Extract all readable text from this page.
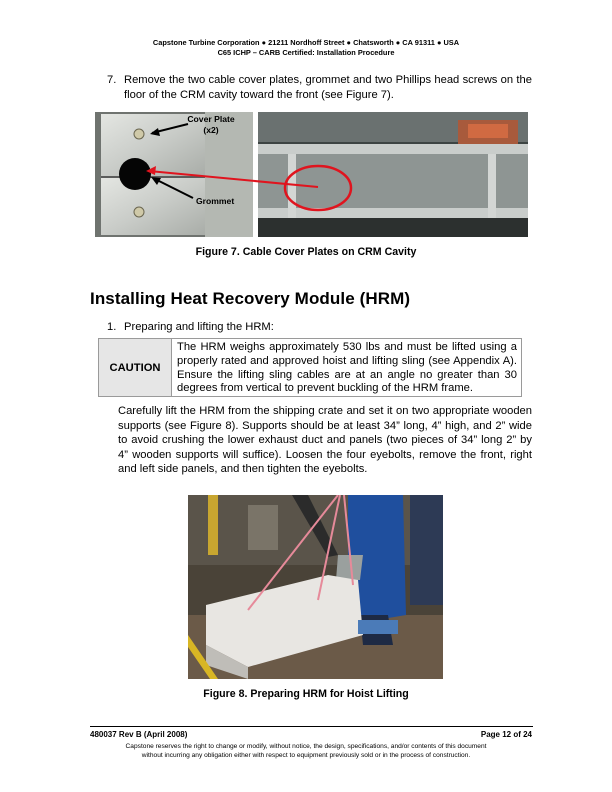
Capstone Turbine Corporation ● 21211 Nordhoff Street ● Chatsworth ● CA 91311 ● USA
C65 ICHP – CARB Certified: Installation Procedure
7. Remove the two cable cover plates, grommet and two Phillips head screws on the floor of the CRM cavity toward the front (see Figure 7).
Cover Plate
(x2)
Grommet
Figure 7. Cable Cover Plates on CRM Cavity
Installing Heat Recovery Module (HRM)
1. Preparing and lifting the HRM:
CAUTION
The HRM weighs approximately 530 lbs and must be lifted using a properly rated and approved hoist and lifting sling (see Appendix A). Ensure the lifting sling cables are at an angle no greater than 30 degrees from vertical to prevent buckling of the HRM frame.
Carefully lift the HRM from the shipping crate and set it on two appropriate wooden supports (see Figure 8). Supports should be at least 34” long, 4” high, and 2” wide to avoid crushing the lower exhaust duct and panels (two pieces of 34” long 2” by 4” wooden supports will suffice). Loosen the four eyebolts, remove the front, right and left side panels, and then tighten the eyebolts.
Figure 8. Preparing HRM for Hoist Lifting
480037 Rev B (April 2008)	Page 12 of 24
Capstone reserves the right to change or modify, without notice, the design, specifications, and/or contents of this document
without incurring any obligation either with respect to equipment previously sold or in the process of construction.
